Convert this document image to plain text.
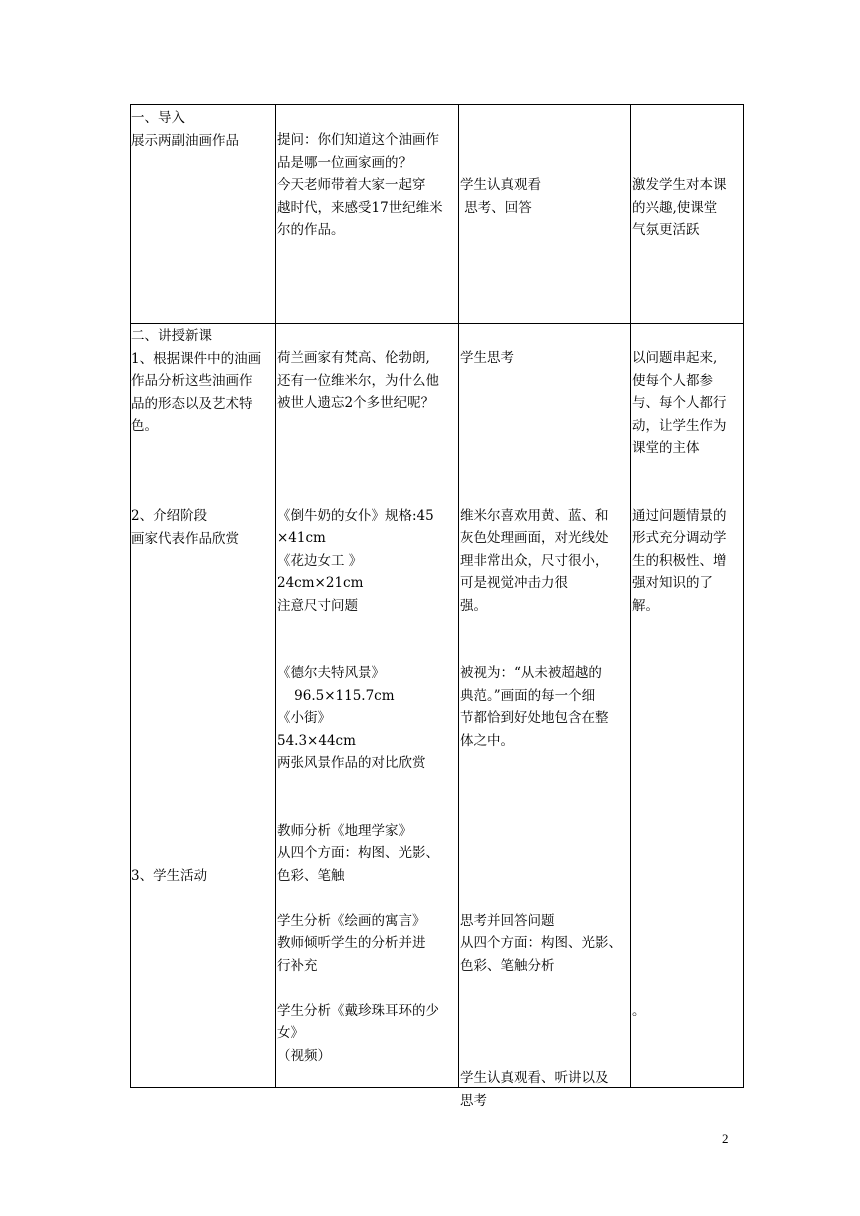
一、导入
展示两副油画作品	提问：你们知道这个油画作
品是哪一位画家画的？
今天老师带着大家一起穿
越时代，来感受17世纪维米
尔的作品。
学生认真观看
思考、回答
激发学生对本课
的兴趣,使课堂
气氛更活跃
二、讲授新课
1、根据课件中的油画
作品分析这些油画作
品的形态以及艺术特
色。

2、介绍阶段
画家代表作品欣赏

3、学生活动
荷兰画家有梵高、伦勃朗,
还有一位维米尔，为什么他
被世人遗忘2个多世纪呢？

《倒牛奶的女仆》规格:45
×41cm
《花边女工 》
24cm×21cm
注意尺寸问题

《德尔夫特风景》
96.5×115.7cm
《小街》
54.3×44cm
两张风景作品的对比欣赏

教师分析《地理学家》
从四个方面：构图、光影、
色彩、笔触

学生分析《绘画的寓言》
教师倾听学生的分析并进
行补充

学生分析《戴珍珠耳环的少
女》
（视频）
学生思考

维米尔喜欢用黄、蓝、和
灰色处理画面，对光线处
理非常出众，尺寸很小，
可是视觉冲击力很
强。

被视为：“从未被超越的
典范。”画面的每一个细
节都恰到好处地包含在整
体之中。

思考并回答问题
从四个方面：构图、光影、
色彩、笔触分析

学生认真观看、听讲以及
思考
以问题串起来,
使每个人都参
与、每个人都行
动，让学生作为
课堂的主体

通过问题情景的
形式充分调动学
生的积极性、增
强对知识的了
解。

。
2
